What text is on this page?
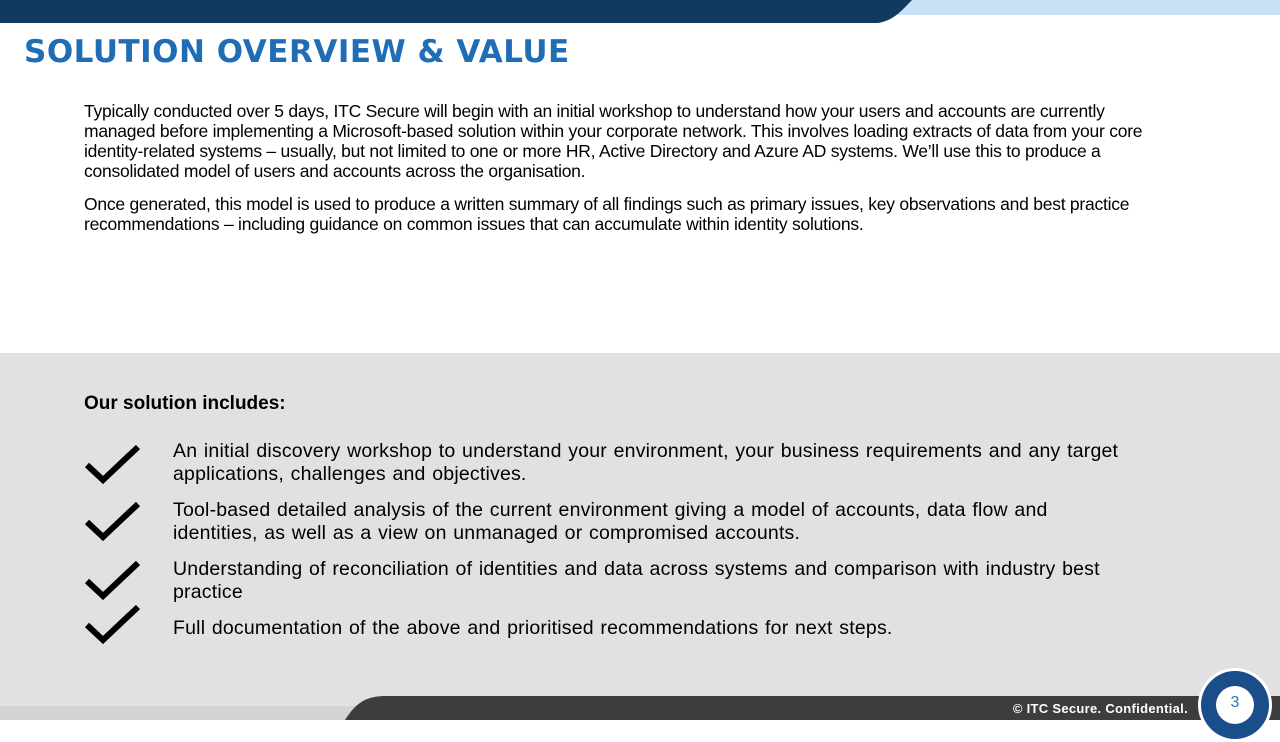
SOLUTION OVERVIEW & VALUE

Typically conducted over 5 days, ITC Secure will begin with an initial workshop to understand how your users and accounts are currently managed before implementing a Microsoft-based solution within your corporate network. This involves loading extracts of data from your core identity-related systems – usually, but not limited to one or more HR, Active Directory and Azure AD systems. We’ll use this to produce a consolidated model of users and accounts across the organisation.

Once generated, this model is used to produce a written summary of all findings such as primary issues, key observations and best practice recommendations – including guidance on common issues that can accumulate within identity solutions.

Our solution includes:
An initial discovery workshop to understand your environment, your business requirements and any target applications, challenges and objectives.
Tool-based detailed analysis of the current environment giving a model of accounts, data flow and identities, as well as a view on unmanaged or compromised accounts.
Understanding of reconciliation of identities and data across systems and comparison with industry best practice
Full documentation of the above and prioritised recommendations for next steps.
© ITC Secure. Confidential.	3
